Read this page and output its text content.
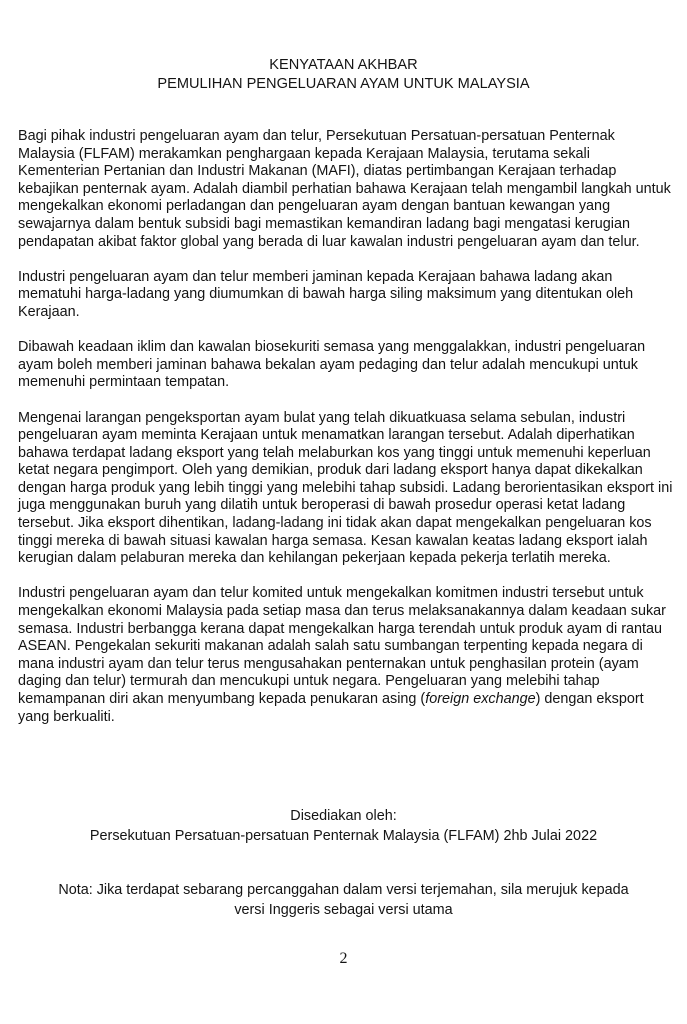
KENYATAAN AKHBAR
PEMULIHAN PENGELUARAN AYAM UNTUK MALAYSIA

Bagi pihak industri pengeluaran ayam dan telur, Persekutuan Persatuan-persatuan Penternak Malaysia (FLFAM) merakamkan penghargaan kepada Kerajaan Malaysia, terutama sekali Kementerian Pertanian dan Industri Makanan (MAFI), diatas pertimbangan Kerajaan terhadap kebajikan penternak ayam. Adalah diambil perhatian bahawa Kerajaan telah mengambil langkah untuk mengekalkan ekonomi perladangan dan pengeluaran ayam dengan bantuan kewangan yang sewajarnya dalam bentuk subsidi bagi memastikan kemandiran ladang bagi mengatasi kerugian pendapatan akibat faktor global yang berada di luar kawalan industri pengeluaran ayam dan telur.

Industri pengeluaran ayam dan telur memberi jaminan kepada Kerajaan bahawa ladang akan mematuhi harga-ladang yang diumumkan di bawah harga siling maksimum yang ditentukan oleh Kerajaan.

Dibawah keadaan iklim dan kawalan biosekuriti semasa yang menggalakkan, industri pengeluaran ayam boleh memberi jaminan bahawa bekalan ayam pedaging dan telur adalah mencukupi untuk memenuhi permintaan tempatan.

Mengenai larangan pengeksportan ayam bulat yang telah dikuatkuasa selama sebulan, industri pengeluaran ayam meminta Kerajaan untuk menamatkan larangan tersebut. Adalah diperhatikan bahawa terdapat ladang eksport yang telah melaburkan kos yang tinggi untuk memenuhi keperluan ketat negara pengimport. Oleh yang demikian, produk dari ladang eksport hanya dapat dikekalkan dengan harga produk yang lebih tinggi yang melebihi tahap subsidi. Ladang berorientasikan eksport ini juga menggunakan buruh yang dilatih untuk beroperasi di bawah prosedur operasi ketat ladang tersebut. Jika eksport dihentikan, ladang-ladang ini tidak akan dapat mengekalkan pengeluaran kos tinggi mereka di bawah situasi kawalan harga semasa. Kesan kawalan keatas ladang eksport ialah kerugian dalam pelaburan mereka dan kehilangan pekerjaan kepada pekerja terlatih mereka.

Industri pengeluaran ayam dan telur komited untuk mengekalkan komitmen industri tersebut untuk mengekalkan ekonomi Malaysia pada setiap masa dan terus melaksanakannya dalam keadaan sukar semasa. Industri berbangga kerana dapat mengekalkan harga terendah untuk produk ayam di rantau ASEAN. Pengekalan sekuriti makanan adalah salah satu sumbangan terpenting kepada negara di mana industri ayam dan telur terus mengusahakan penternakan untuk penghasilan protein (ayam daging dan telur) termurah dan mencukupi untuk negara. Pengeluaran yang melebihi tahap kemampanan diri akan menyumbang kepada penukaran asing (foreign exchange) dengan eksport yang berkualiti.

Disediakan oleh:
Persekutuan Persatuan-persatuan Penternak Malaysia (FLFAM) 2hb Julai 2022
Nota: Jika terdapat sebarang percanggahan dalam versi terjemahan, sila merujuk kepada
versi Inggeris sebagai versi utama
2
